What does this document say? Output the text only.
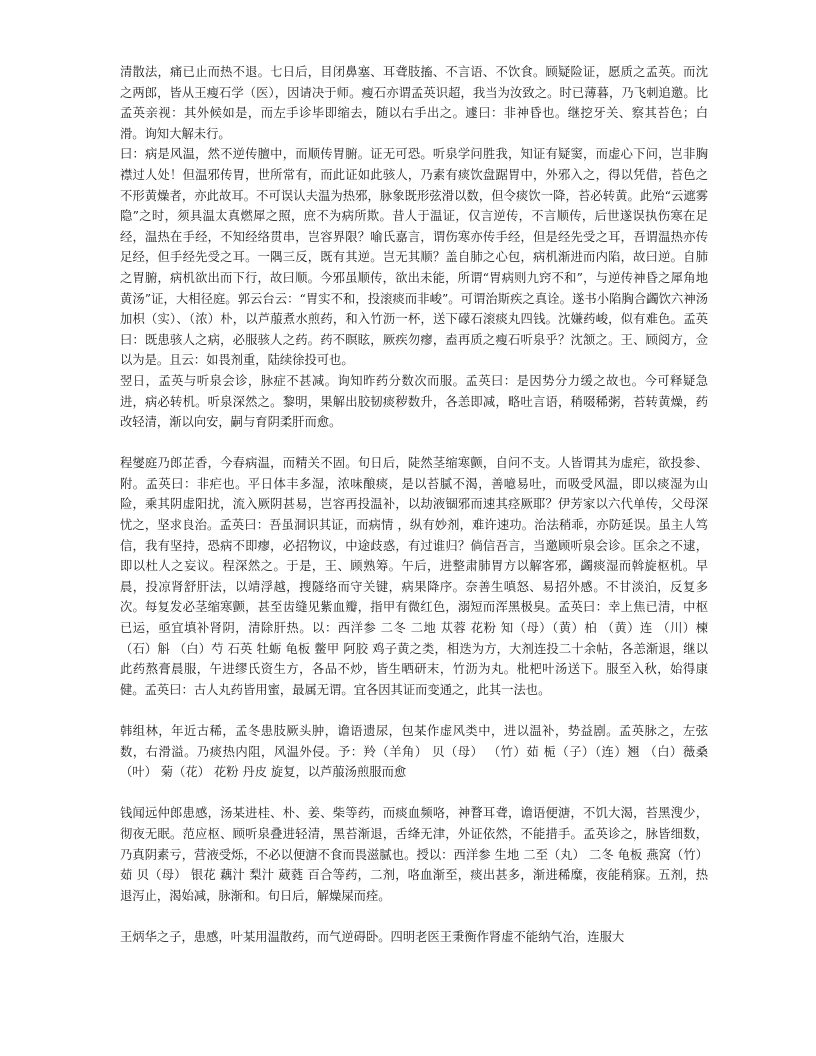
清散法，痛已止而热不退。七日后，目闭鼻塞、耳聋肢搐、不言语、不饮食。顾疑险证，愿质之孟英。而沈之两郎，皆从王瘦石学（医），因请决于师。瘦石亦谓孟英识超，我当为汝致之。时已薄暮，乃飞刺追邀。比孟英亲视：其外候如是，而左手诊毕即缩去，随以右手出之。遽曰：非神昏也。继挖牙关、察其苔色；白滑。询知大解未行。

曰：病是风温，然不逆传膻中，而顺传胃腑。证无可恐。听泉学问胜我，知证有疑窦，而虚心下问，岂非胸襟过人处！但温邪传胃，世所常有，而此证如此骇人，乃素有痰饮盘踞胃中，外邪入之，得以凭借，苔色之不形黄燥者，亦此故耳。不可误认夫温为热邪，脉象既形弦滑以数，但令痰饮一降，苔必转黄。此殆“云遮雾隐”之时，须具温太真燃犀之照，庶不为病所欺。昔人于温证，仅言逆传，不言顺传，后世遂误执伤寒在足经，温热在手经，不知经络贯串，岂容界限？喻氏嘉言，谓伤寒亦传手经，但是经先受之耳，吾谓温热亦传足经，但手经先受之耳。一隅三反，既有其逆。岂无其顺？盖自肺之心包，病机渐进而内陷，故曰逆。自肺之胃腑，病机欲出而下行，故曰顺。今邪虽顺传，欲出未能，所谓“胃病则九窍不和”，与逆传神昏之犀角地黄汤”证，大相径庭。郭云台云：“胃实不和，投滚痰而非峻”。可谓治斯疾之真诠。遂书小陷胸合蠲饮六神汤加枳（实）、（浓）朴，以芦菔煮水煎药，和入竹沥一杯，送下礞石滚痰丸四钱。沈嫌药峻，似有难色。孟英曰：既患骇人之病，必服骇人之药。药不瞑眩，厥疾勿瘳，盍再质之瘦石听泉乎？沈颔之。王、顾阅方，佥以为是。且云：如畏剂重，陆续徐投可也。

翌日，孟英与听泉会诊，脉症不甚减。询知昨药分数次而服。孟英曰：是因势分力缓之故也。今可释疑急进，病必转机。听泉深然之。黎明，果解出胶韧痰秽数升，各恙即减，略吐言语，稍啜稀粥，苔转黄燥，药改轻清，渐以向安，嗣与育阴柔肝而愈。

程燮庭乃郎芷香，今春病温，而精关不固。旬日后，陡然茎缩寒颤，自问不支。人皆谓其为虚疟，欲投参、附。孟英曰：非疟也。平日体丰多湿，浓味酿痰，是以苔腻不渴，善噫易吐，而吸受风温，即以痰湿为山险，乘其阴虚阳扰，流入厥阴甚易，岂容再投温补，以劫液锢邪而速其痉厥耶？伊芳家以六代单传，父母深忧之，坚求良治。孟英曰：吾虽洞识其证，而病情 ，纵有妙剂，难许速功。治法稍乖，亦防延误。虽主人笃信，我有坚持，恐病不即瘳，必招物议，中途歧惑，有过谁归？倘信吾言，当邀顾听泉会诊。匡余之不逮，即以杜人之妄议。程深然之。于是，王、顾熟筹。午后，进整肃肺胃方以解客邪，蠲痰湿而斡旋枢机。早晨，投凉肾舒肝法，以靖浮越，搜隧络而守关键，病果降序。奈善生嗔怒、易招外感。不甘淡泊，反复多次。每复发必茎缩寒颤，甚至齿缝见紫血瓣，指甲有微红色，溺短而浑黑极臭。孟英曰：幸上焦已清，中枢已运，亟宜填补肾阴，清除肝热。以：西洋参 二冬 二地 苁蓉 花粉 知（母）（黄）柏 （黄）连 （川）楝（石）斛 （白）芍 石英 牡蛎 龟板 鳖甲 阿胶 鸡子黄之类，相迭为方，大剂连投二十余帖，各恙渐退，继以此药熬膏晨服，午进缪氏资生方，各品不炒，皆生晒研末，竹沥为丸。枇杷叶汤送下。服至入秋，始得康健。孟英曰：古人丸药皆用蜜，最属无谓。宜各因其证而变通之，此其一法也。

韩组林，年近古稀，孟冬患肢厥头肿，谵语遗尿，包某作虚风类中，进以温补，势益剧。孟英脉之，左弦数，右滑溢。乃痰热内阻，风温外侵。予：羚（羊角） 贝（母） （竹）茹 栀（子）（连）翘 （白）薇桑（叶） 菊（花） 花粉 丹皮 旋复，以芦菔汤煎服而愈

钱闻远仲郎患感，汤某进桂、朴、姜、柴等药，而痰血频咯，神瞀耳聋，谵语便溏，不饥大渴，苔黑溲少，彻夜无眠。范应枢、顾听泉叠进轻清，黑苔渐退，舌绛无津，外证依然，不能措手。孟英诊之，脉皆细数，乃真阴素亏，营液受烁，不必以便溏不食而畏滋腻也。授以：西洋参 生地 二至（丸） 二冬 龟板 燕窝（竹）茹 贝（母） 银花 藕汁 梨汁 葳蕤 百合等药，二剂，咯血渐至，痰出甚多，渐进稀糜，夜能稍寐。五剂，热退泻止，渴始减，脉渐和。旬日后，解燥屎而痊。

王炳华之子，患感，叶某用温散药，而气逆碍卧。四明老医王秉衡作肾虚不能纳气治，连服大
